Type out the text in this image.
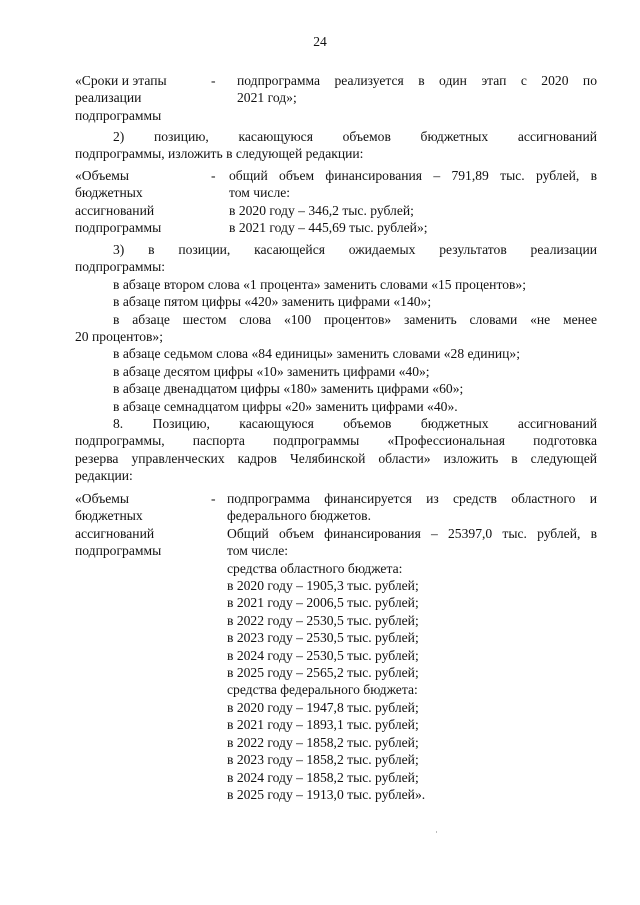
24
«Сроки и этапы
реализации
подпрограммы
-	подпрограмма реализуется в один этап с 2020 по
2021 год»;
2) позицию, касающуюся объемов бюджетных ассигнований
подпрограммы, изложить в следующей редакции:
«Объемы
бюджетных
ассигнований
подпрограммы
- общий объем финансирования – 791,89 тыс. рублей, в
том числе:
в 2020 году – 346,2 тыс. рублей;
в 2021 году – 445,69 тыс. рублей»;
3) в позиции, касающейся ожидаемых результатов реализации
подпрограммы:
в абзаце втором слова «1 процента» заменить словами «15 процентов»;
в абзаце пятом цифры «420» заменить цифрами «140»;
в абзаце шестом слова «100 процентов» заменить словами «не менее
20 процентов»;
в абзаце седьмом слова «84 единицы» заменить словами «28 единиц»;
в абзаце десятом цифры «10» заменить цифрами «40»;
в абзаце двенадцатом цифры «180» заменить цифрами «60»;
в абзаце семнадцатом цифры «20» заменить цифрами «40».
8. Позицию, касающуюся объемов бюджетных ассигнований
подпрограммы, паспорта подпрограммы «Профессиональная подготовка
резерва управленческих кадров Челябинской области» изложить в следующей
редакции:
«Объемы
бюджетных
ассигнований
подпрограммы
- подпрограмма финансируется из средств областного и
федерального бюджетов.
Общий объем финансирования – 25397,0 тыс. рублей, в
том числе:
средства областного бюджета:
в 2020 году – 1905,3 тыс. рублей;
в 2021 году – 2006,5 тыс. рублей;
в 2022 году – 2530,5 тыс. рублей;
в 2023 году – 2530,5 тыс. рублей;
в 2024 году – 2530,5 тыс. рублей;
в 2025 году – 2565,2 тыс. рублей;
средства федерального бюджета:
в 2020 году – 1947,8 тыс. рублей;
в 2021 году – 1893,1 тыс. рублей;
в 2022 году – 1858,2 тыс. рублей;
в 2023 году – 1858,2 тыс. рублей;
в 2024 году – 1858,2 тыс. рублей;
в 2025 году – 1913,0 тыс. рублей».
